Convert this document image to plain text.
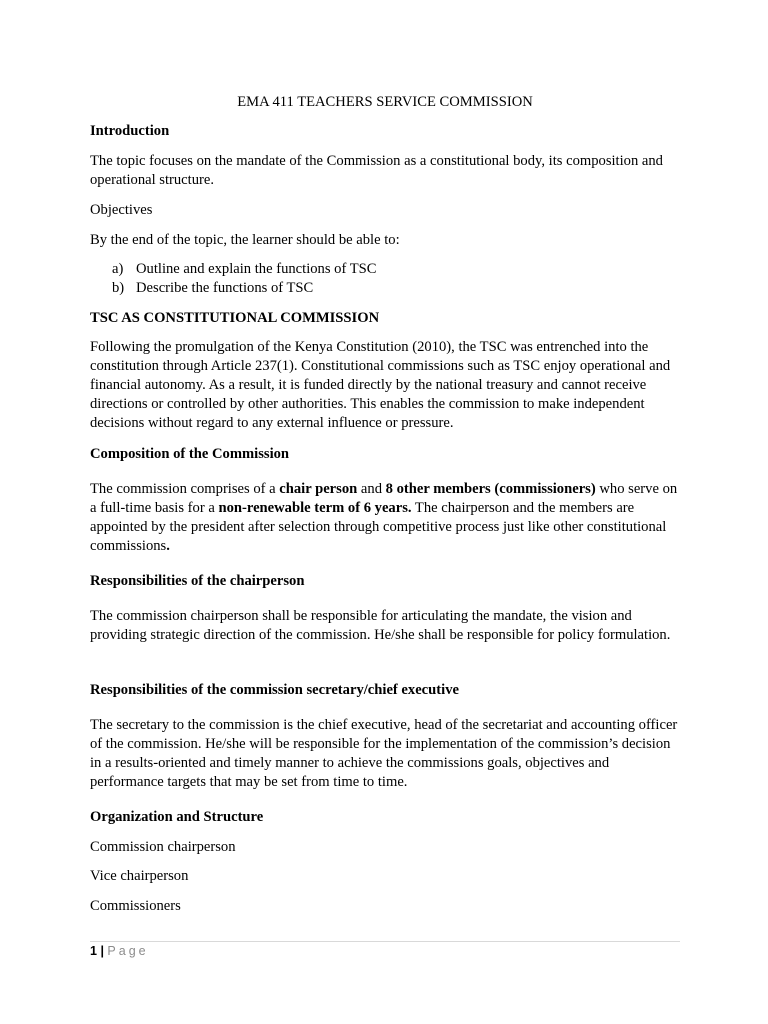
EMA 411 TEACHERS SERVICE COMMISSION

Introduction

The topic focuses on the mandate of the Commission as a constitutional body, its composition and operational structure.

Objectives

By the end of the topic, the learner should be able to:

a) Outline and explain the functions of TSC
b) Describe the functions of TSC

TSC AS CONSTITUTIONAL COMMISSION

Following the promulgation of the Kenya Constitution (2010), the TSC was entrenched into the constitution through Article 237(1). Constitutional commissions such as TSC enjoy operational and financial autonomy. As a result, it is funded directly by the national treasury and cannot receive directions or controlled by other authorities. This enables the commission to make independent decisions without regard to any external influence or pressure.

Composition of the Commission

The commission comprises of a chair person and 8 other members (commissioners) who serve on a full-time basis for a non-renewable term of 6 years. The chairperson and the members are appointed by the president after selection through competitive process just like other constitutional commissions.

Responsibilities of the chairperson

The commission chairperson shall be responsible for articulating the mandate, the vision and providing strategic direction of the commission. He/she shall be responsible for policy formulation.

Responsibilities of the commission secretary/chief executive

The secretary to the commission is the chief executive, head of the secretariat and accounting officer of the commission. He/she will be responsible for the implementation of the commission’s decision in a results-oriented and timely manner to achieve the commissions goals, objectives and performance targets that may be set from time to time.

Organization and Structure

Commission chairperson

Vice chairperson

Commissioners

1 | Page
